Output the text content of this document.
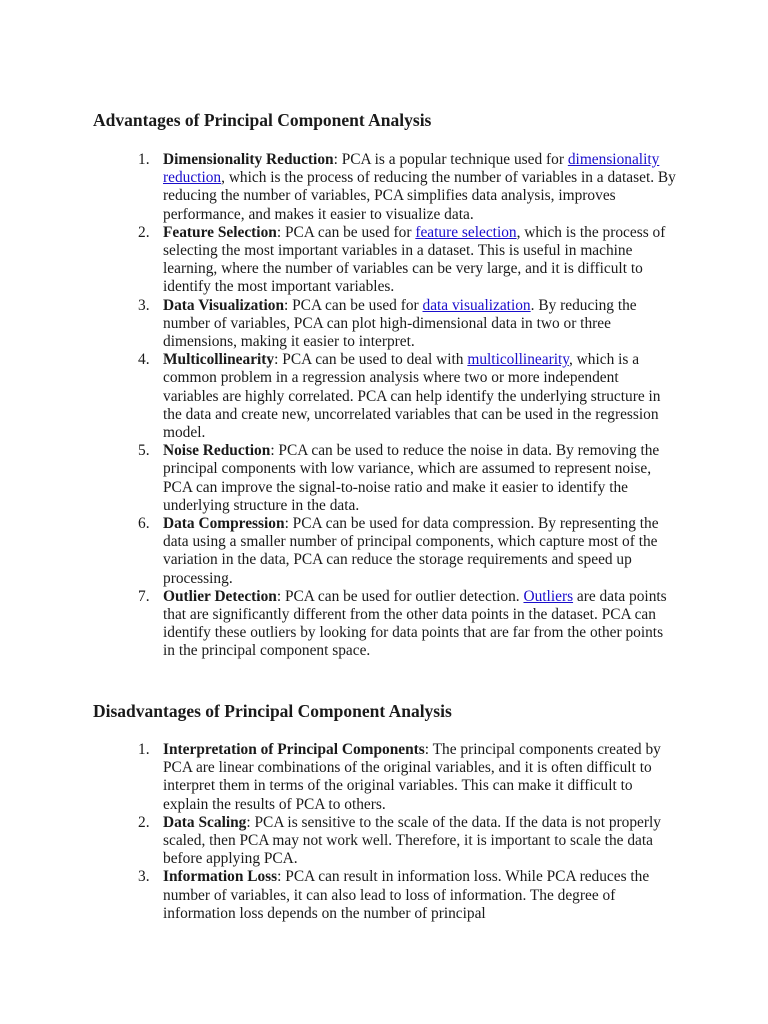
Advantages of Principal Component Analysis
1. Dimensionality Reduction: PCA is a popular technique used for dimensionality reduction, which is the process of reducing the number of variables in a dataset. By reducing the number of variables, PCA simplifies data analysis, improves performance, and makes it easier to visualize data.
2. Feature Selection: PCA can be used for feature selection, which is the process of selecting the most important variables in a dataset. This is useful in machine learning, where the number of variables can be very large, and it is difficult to identify the most important variables.
3. Data Visualization: PCA can be used for data visualization. By reducing the number of variables, PCA can plot high-dimensional data in two or three dimensions, making it easier to interpret.
4. Multicollinearity: PCA can be used to deal with multicollinearity, which is a common problem in a regression analysis where two or more independent variables are highly correlated. PCA can help identify the underlying structure in the data and create new, uncorrelated variables that can be used in the regression model.
5. Noise Reduction: PCA can be used to reduce the noise in data. By removing the principal components with low variance, which are assumed to represent noise, PCA can improve the signal-to-noise ratio and make it easier to identify the underlying structure in the data.
6. Data Compression: PCA can be used for data compression. By representing the data using a smaller number of principal components, which capture most of the variation in the data, PCA can reduce the storage requirements and speed up processing.
7. Outlier Detection: PCA can be used for outlier detection. Outliers are data points that are significantly different from the other data points in the dataset. PCA can identify these outliers by looking for data points that are far from the other points in the principal component space.
Disadvantages of Principal Component Analysis
1. Interpretation of Principal Components: The principal components created by PCA are linear combinations of the original variables, and it is often difficult to interpret them in terms of the original variables. This can make it difficult to explain the results of PCA to others.
2. Data Scaling: PCA is sensitive to the scale of the data. If the data is not properly scaled, then PCA may not work well. Therefore, it is important to scale the data before applying PCA.
3. Information Loss: PCA can result in information loss. While PCA reduces the number of variables, it can also lead to loss of information. The degree of information loss depends on the number of principal
